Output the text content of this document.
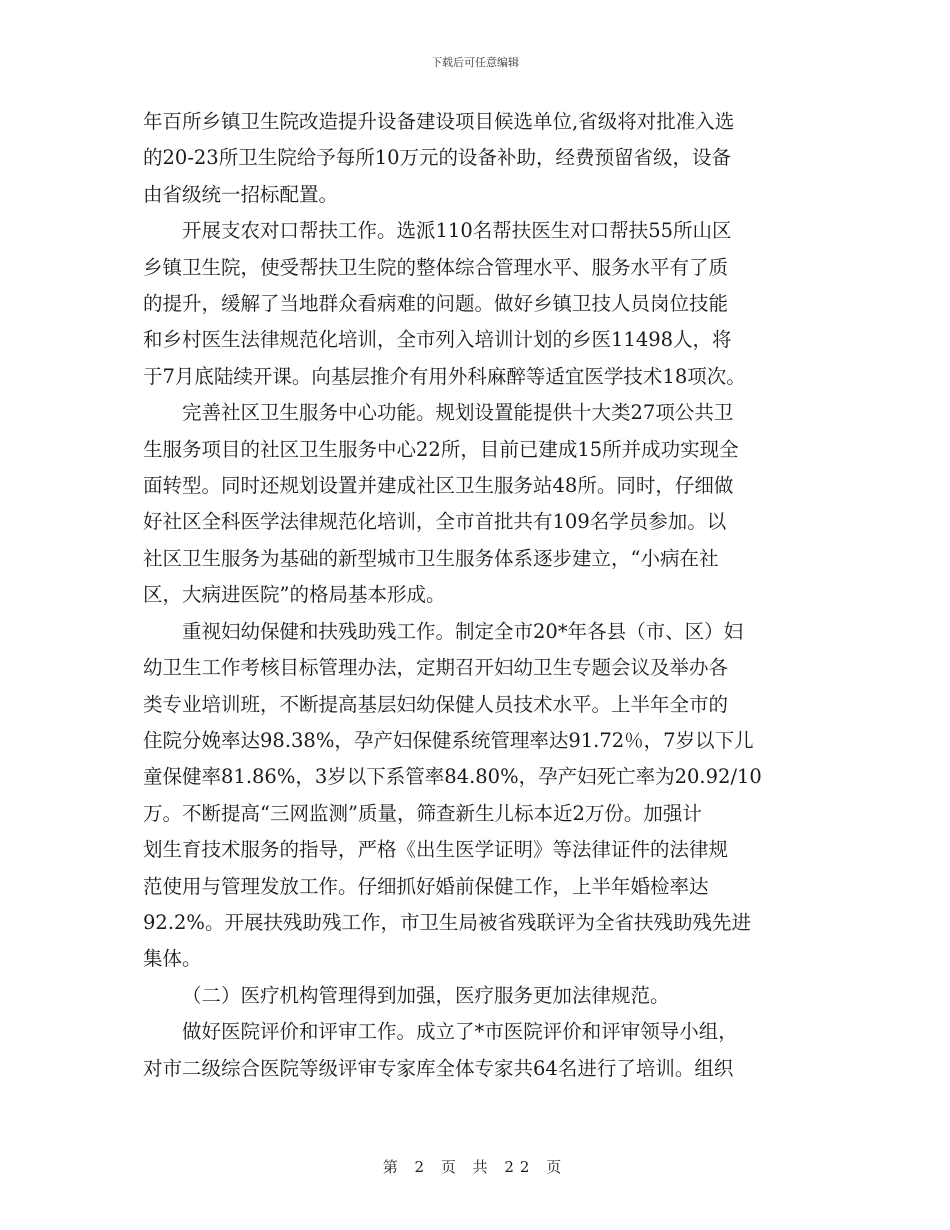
下载后可任意编辑
年百所乡镇卫生院改造提升设备建设项目候选单位,省级将对批准入选
的20-23所卫生院给予每所10万元的设备补助，经费预留省级，设备
由省级统一招标配置。
开展支农对口帮扶工作。选派110名帮扶医生对口帮扶55所山区
乡镇卫生院，使受帮扶卫生院的整体综合管理水平、服务水平有了质
的提升，缓解了当地群众看病难的问题。做好乡镇卫技人员岗位技能
和乡村医生法律规范化培训，全市列入培训计划的乡医11498人，将
于7月底陆续开课。向基层推介有用外科麻醉等适宜医学技术18项次。
完善社区卫生服务中心功能。规划设置能提供十大类27项公共卫
生服务项目的社区卫生服务中心22所，目前已建成15所并成功实现全
面转型。同时还规划设置并建成社区卫生服务站48所。同时，仔细做
好社区全科医学法律规范化培训，全市首批共有109名学员参加。以
社区卫生服务为基础的新型城市卫生服务体系逐步建立，“小病在社
区，大病进医院”的格局基本形成。
重视妇幼保健和扶残助残工作。制定全市20*年各县（市、区）妇
幼卫生工作考核目标管理办法，定期召开妇幼卫生专题会议及举办各
类专业培训班，不断提高基层妇幼保健人员技术水平。上半年全市的
住院分娩率达98.38%，孕产妇保健系统管理率达91.72％，7岁以下儿
童保健率81.86%，3岁以下系管率84.80%，孕产妇死亡率为20.92/10
万。不断提高“三网监测”质量，筛查新生儿标本近2万份。加强计
划生育技术服务的指导，严格《出生医学证明》等法律证件的法律规
范使用与管理发放工作。仔细抓好婚前保健工作，上半年婚检率达
92.2%。开展扶残助残工作，市卫生局被省残联评为全省扶残助残先进
集体。
（二）医疗机构管理得到加强，医疗服务更加法律规范。
做好医院评价和评审工作。成立了*市医院评价和评审领导小组，
对市二级综合医院等级评审专家库全体专家共64名进行了培训。组织
第 2 页 共 22 页
